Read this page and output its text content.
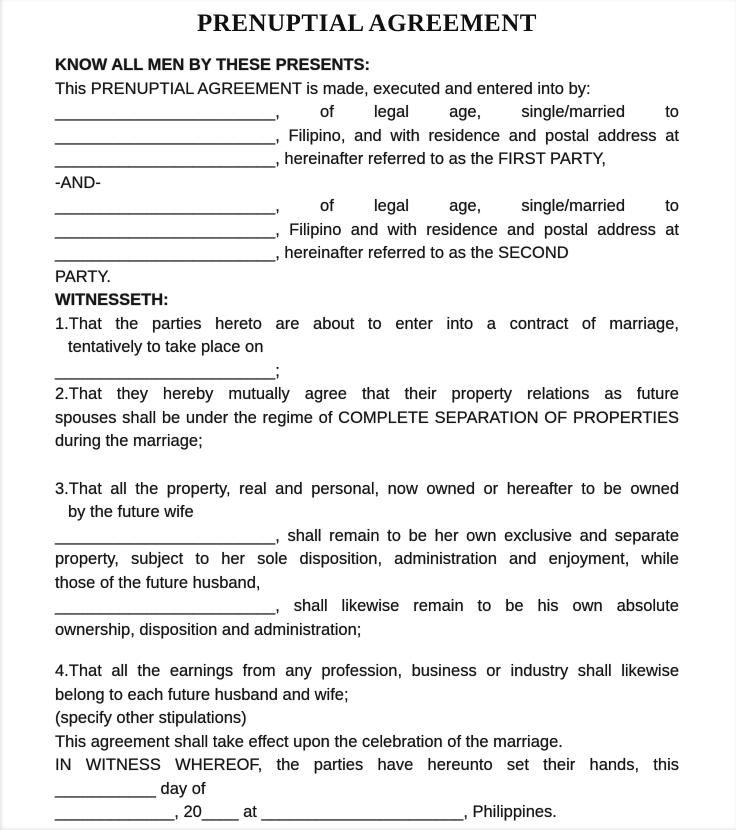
PRENUPTIAL AGREEMENT
KNOW ALL MEN BY THESE PRESENTS:
This PRENUPTIAL AGREEMENT is made, executed and entered into by:
________________________, of legal age, single/married to
________________________, Filipino, and with residence and postal address at
________________________, hereinafter referred to as the FIRST PARTY,
-AND-
________________________, of legal age, single/married to
________________________, Filipino and with residence and postal address at
________________________, hereinafter referred to as the SECOND
PARTY.
WITNESSETH:
1.That the parties hereto are about to enter into a contract of marriage,
tentatively to take place on
________________________;
2.That they hereby mutually agree that their property relations as future
spouses shall be under the regime of COMPLETE SEPARATION OF PROPERTIES
during the marriage;
3.That all the property, real and personal, now owned or hereafter to be owned
by the future wife
________________________, shall remain to be her own exclusive and separate
property, subject to her sole disposition, administration and enjoyment, while
those of the future husband,
________________________, shall likewise remain to be his own absolute
ownership, disposition and administration;
4.That all the earnings from any profession, business or industry shall likewise
belong to each future husband and wife;
(specify other stipulations)
This agreement shall take effect upon the celebration of the marriage.
IN WITNESS WHEREOF, the parties have hereunto set their hands, this
___________ day of
_____________, 20____ at ______________________, Philippines.
